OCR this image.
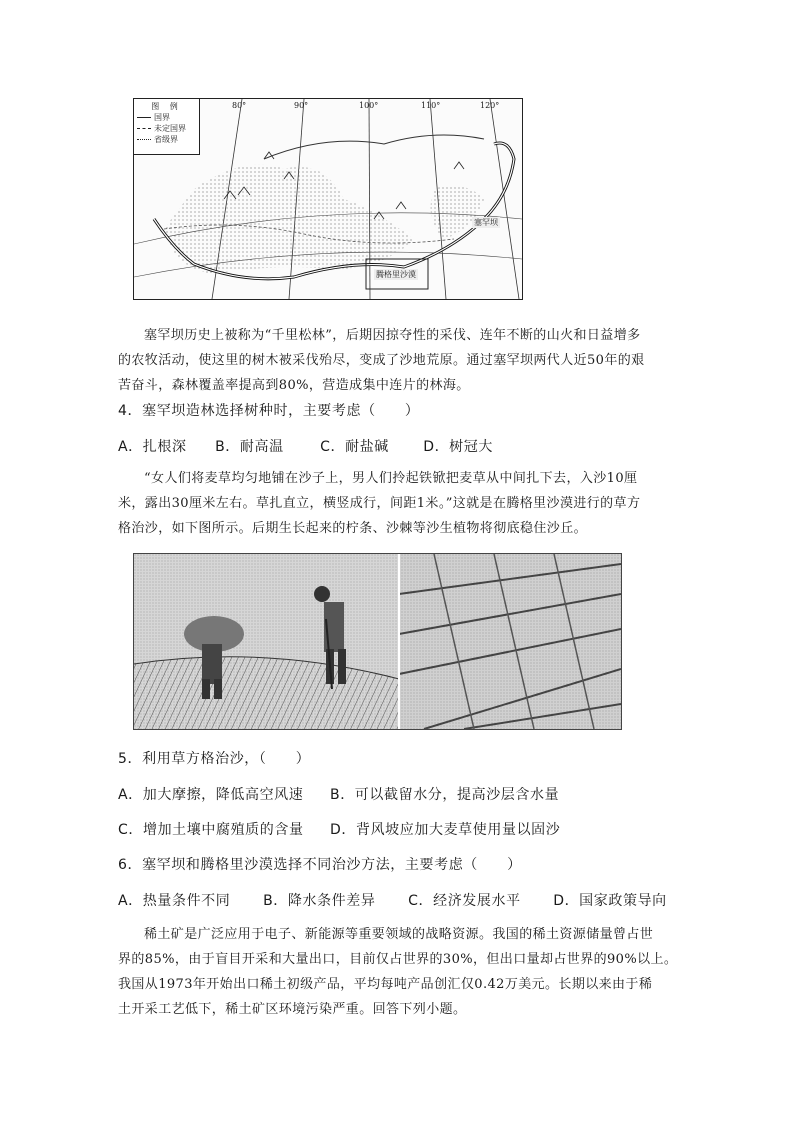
图 例
国界
未定国界
省级界
80°	90°	100°	110°	120°
塞罕坝
腾格里沙漠
塞罕坝历史上被称为“千里松林”，后期因掠夺性的采伐、连年不断的山火和日益增多
的农牧活动，使这里的树木被采伐殆尽，变成了沙地荒原。通过塞罕坝两代人近50年的艰
苦奋斗，森林覆盖率提高到80%，营造成集中连片的林海。
4．塞罕坝造林选择树种时，主要考虑（　　）
A．扎根深 B．耐高温	C．耐盐碱 D．树冠大
“女人们将麦草均匀地铺在沙子上，男人们拎起铁锨把麦草从中间扎下去，入沙10厘
米，露出30厘米左右。草扎直立，横竖成行，间距1米。”这就是在腾格里沙漠进行的草方
格治沙，如下图所示。后期生长起来的柠条、沙棘等沙生植物将彻底稳住沙丘。
5．利用草方格治沙，（　　）
A．加大摩擦，降低高空风速 B．可以截留水分，提高沙层含水量
C．增加土壤中腐殖质的含量 D．背风坡应加大麦草使用量以固沙
6．塞罕坝和腾格里沙漠选择不同治沙方法，主要考虑（　　）
A．热量条件不同 B．降水条件差异 C．经济发展水平 D．国家政策导向
稀土矿是广泛应用于电子、新能源等重要领域的战略资源。我国的稀土资源储量曾占世
界的85%，由于盲目开采和大量出口，目前仅占世界的30%，但出口量却占世界的90%以上。
我国从1973年开始出口稀土初级产品，平均每吨产品创汇仅0.42万美元。长期以来由于稀
土开采工艺低下，稀土矿区环境污染严重。回答下列小题。
